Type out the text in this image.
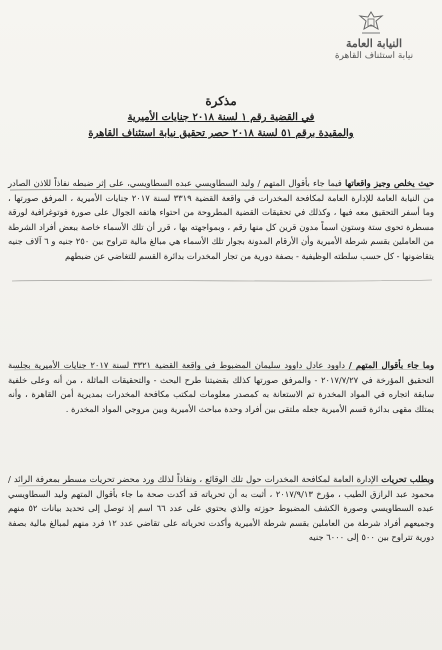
النيابة العامة
نيابة استئناف القاهرة
مذكرة
في القضية رقم ١ لسنة ٢٠١٨ جنايات الأميرية
والمقيدة برقم ٥١ لسنة ٢٠١٨ حصر تحقيق نيابة استئناف القاهرة
حيث يخلص وجيز واقعاتها فيما جاء بأقوال المتهم / وليد السطاويسي عبده السطاويسي، على إثر ضبطه نفاذاً للاذن الصادر من النيابة العامة للإدارة العامة لمكافحة المخدرات في واقعة القضية ٣٣١٩ لسنة ٢٠١٧ جنايات الأميرية ، المرفق صورتها ، وما أسفر التحقيق معه فيها ، وكذلك في تحقيقات القضية المطروحة من احتواء هاتفه الجوال على صورة فوتوغرافية لورقة مسطرة تحوى ستة وستون اسماً مدون قرين كل منها رقم ، وبمواجهته بها ، قرر أن تلك الأسماء خاصة ببعض أفراد الشرطة من العاملين بقسم شرطة الأميرية وأن الأرقام المدونة بجوار تلك الأسماء هي مبالغ مالية تتراوح بين ٢٥٠ جنيه و ٦ آلاف جنيه يتقاضونها - كل حسب سلطته الوظيفية - بصفة دورية من تجار المخدرات بدائرة القسم للتغاضي عن ضبطهم
وما جاء بأقوال المتهم / داوود عادل داوود سليمان المضبوط في واقعة القضية ٣٣٢١ لسنة ٢٠١٧ جنايات الأميرية بجلسة التحقيق المؤرخة في ٢٠١٧/٧/٢٧ - والمرفق صورتها كذلك بقضيتنا طرح البحث - والتحقيقات الماثلة ، من أنه وعلى خلفية سابقة اتجاره في المواد المخدرة تم الاستعانة به كمصدر معلومات لمكتب مكافحة المخدرات بمديرية أمن القاهرة ، وأنه يمتلك مقهى بدائرة قسم الأميرية جعله ملتقى بين أفراد وحدة مباحث الأميرية وبين مروجي المواد المخدرة .
وبطلب تحريات الإدارة العامة لمكافحة المخدرات حول تلك الوقائع ، ونفاذاً لذلك ورد محضر تحريات مسطر بمعرفة الرائد / محمود عبد الرازق الطيب ، مؤرخ ٢٠١٧/٩/١٣ ، أثبت به أن تحرياته قد أكدت صحة ما جاء بأقوال المتهم وليد السطاويسي عبده السطاويسي وصورة الكشف المضبوط حوزته والذي يحتوي على عدد ٦٦ اسم إذ توصل إلى تحديد بيانات ٥٢ منهم وجميعهم أفراد شرطة من العاملين بقسم شرطة الأميرية وأكدت تحرياته على تقاضي عدد ١٢ فرد منهم لمبالغ مالية بصفة دورية تتراوح بين ٥٠٠ إلى ٦٠٠٠ جنيه
